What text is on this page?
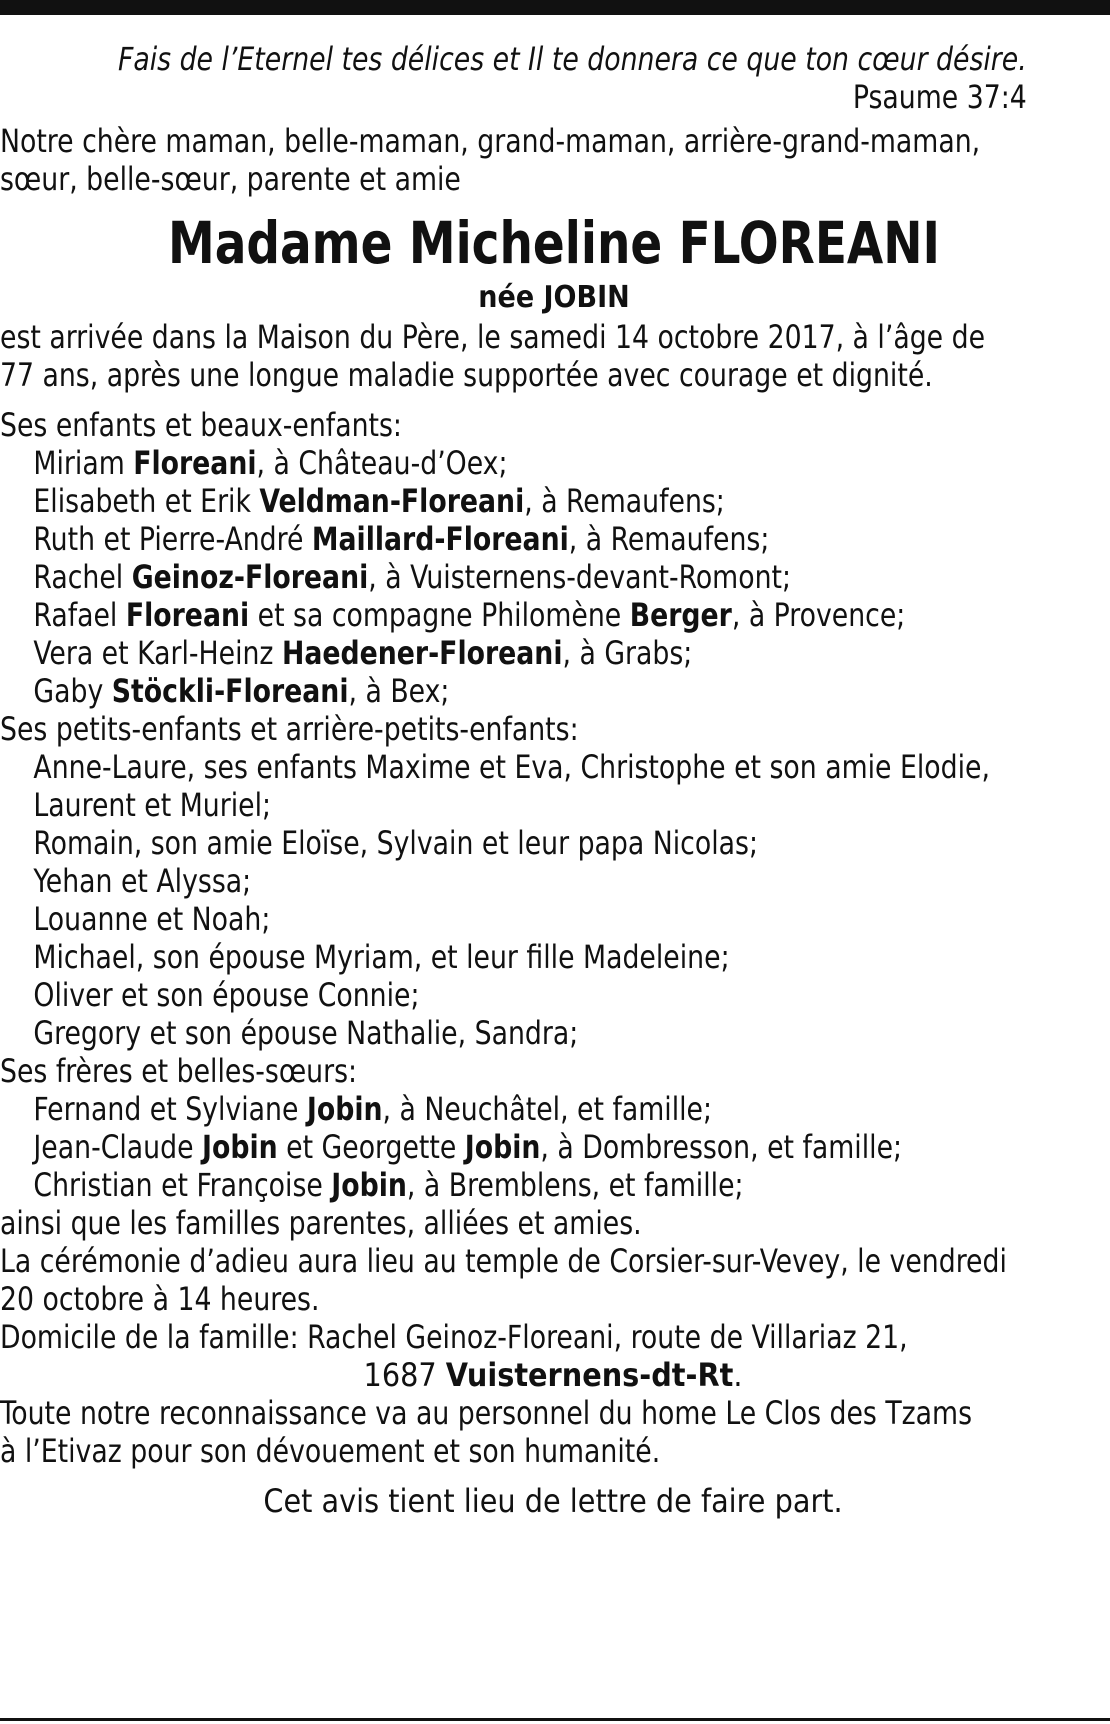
Fais de l’Eternel tes délices et Il te donnera ce que ton cœur désire.
Psaume 37:4
Notre chère maman, belle-maman, grand-maman, arrière-grand-maman,
sœur, belle-sœur, parente et amie
Madame Micheline FLOREANI
née JOBIN
est arrivée dans la Maison du Père, le samedi 14 octobre 2017, à l’âge de
77 ans, après une longue maladie supportée avec courage et dignité.
Ses enfants et beaux-enfants:
Miriam Floreani, à Château-d’Oex;
Elisabeth et Erik Veldman-Floreani, à Remaufens;
Ruth et Pierre-André Maillard-Floreani, à Remaufens;
Rachel Geinoz-Floreani, à Vuisternens-devant-Romont;
Rafael Floreani et sa compagne Philomène Berger, à Provence;
Vera et Karl-Heinz Haedener-Floreani, à Grabs;
Gaby Stöckli-Floreani, à Bex;
Ses petits-enfants et arrière-petits-enfants:
Anne-Laure, ses enfants Maxime et Eva, Christophe et son amie Elodie,
Laurent et Muriel;
Romain, son amie Eloïse, Sylvain et leur papa Nicolas;
Yehan et Alyssa;
Louanne et Noah;
Michael, son épouse Myriam, et leur fille Madeleine;
Oliver et son épouse Connie;
Gregory et son épouse Nathalie, Sandra;
Ses frères et belles-sœurs:
Fernand et Sylviane Jobin, à Neuchâtel, et famille;
Jean-Claude Jobin et Georgette Jobin, à Dombresson, et famille;
Christian et Françoise Jobin, à Bremblens, et famille;
ainsi que les familles parentes, alliées et amies.
La cérémonie d’adieu aura lieu au temple de Corsier-sur-Vevey, le vendredi
20 octobre à 14 heures.
Domicile de la famille: Rachel Geinoz-Floreani, route de Villariaz 21,
1687 Vuisternens-dt-Rt.
Toute notre reconnaissance va au personnel du home Le Clos des Tzams
à l’Etivaz pour son dévouement et son humanité.
Cet avis tient lieu de lettre de faire part.
